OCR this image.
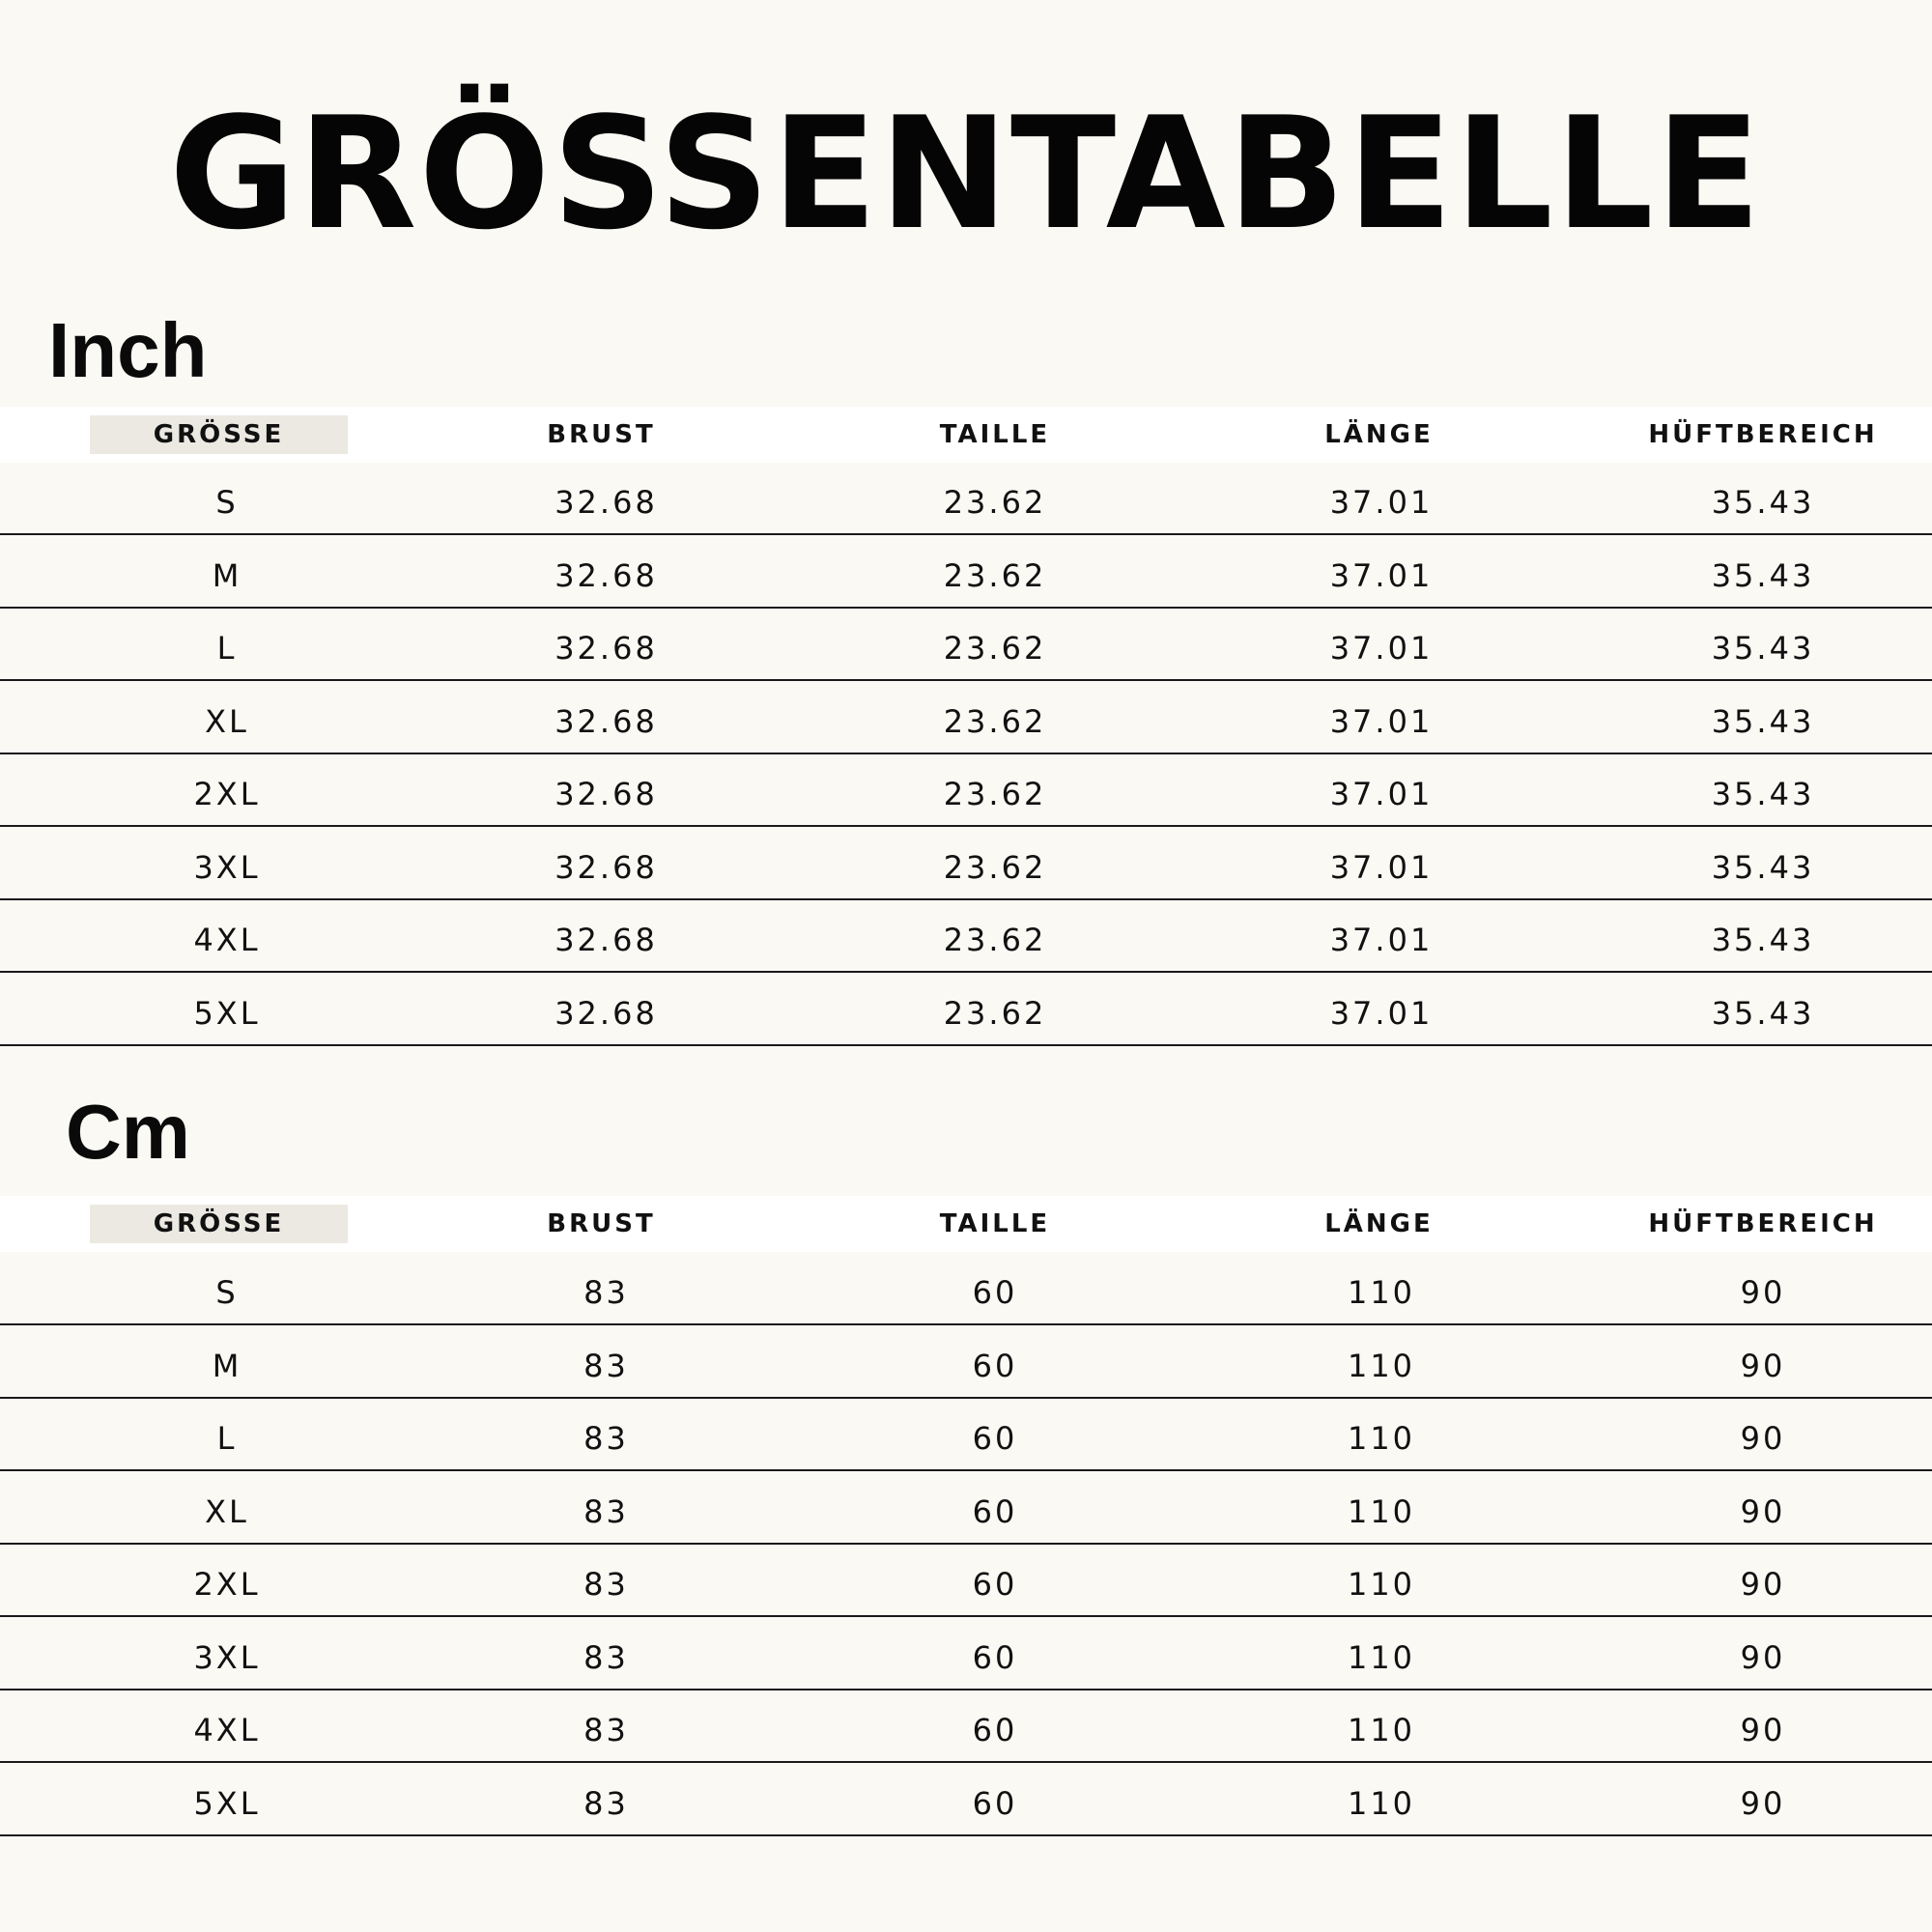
GRÖSSENTABELLE
Inch
GRÖSSE	BRUST	TAILLE	LÄNGE	HÜFTBEREICH
S	32.68	23.62	37.01	35.43
M	32.68	23.62	37.01	35.43
L	32.68	23.62	37.01	35.43
XL	32.68	23.62	37.01	35.43
2XL	32.68	23.62	37.01	35.43
3XL	32.68	23.62	37.01	35.43
4XL	32.68	23.62	37.01	35.43
5XL	32.68	23.62	37.01	35.43
Cm
GRÖSSE	BRUST	TAILLE	LÄNGE	HÜFTBEREICH
S	83	60	110	90
M	83	60	110	90
L	83	60	110	90
XL	83	60	110	90
2XL	83	60	110	90
3XL	83	60	110	90
4XL	83	60	110	90
5XL	83	60	110	90
